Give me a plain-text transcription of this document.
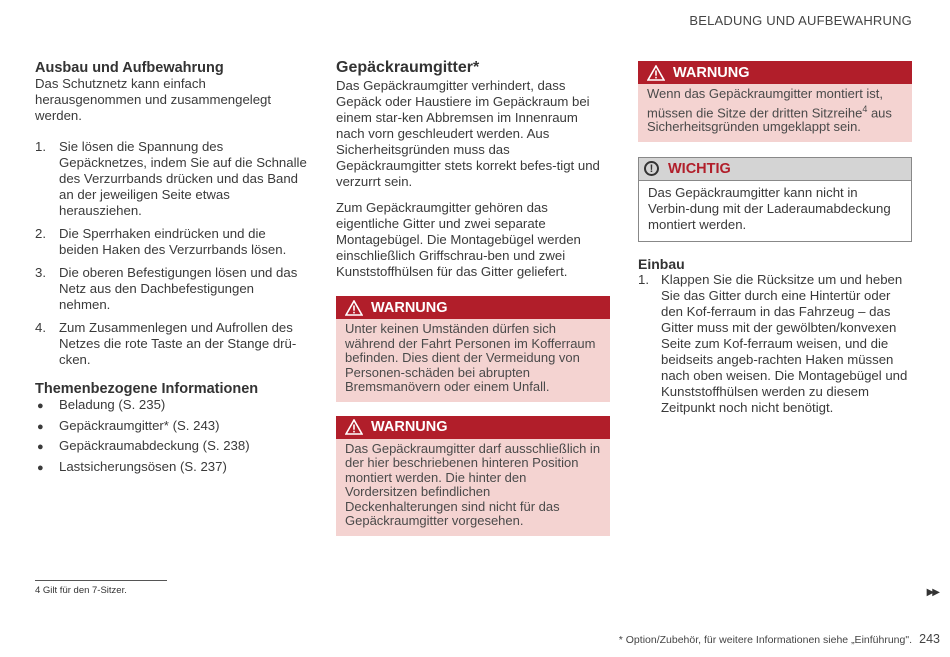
BELADUNG UND AUFBEWAHRUNG
Ausbau und Aufbewahrung

Das Schutznetz kann einfach herausgenommen und zusammengelegt werden.

1. Sie lösen die Spannung des Gepäcknetzes, indem Sie auf die Schnalle des Verzurrbands drücken und das Band an der jeweiligen Seite etwas herausziehen.
2. Die Sperrhaken eindrücken und die beiden Haken des Verzurrbands lösen.
3. Die oberen Befestigungen lösen und das Netz aus den Dachbefestigungen nehmen.
4. Zum Zusammenlegen und Aufrollen des Netzes die rote Taste an der Stange drü-cken.
Themenbezogene Informationen
● Beladung (S. 235)
● Gepäckraumgitter* (S. 243)
● Gepäckraumabdeckung (S. 238)
● Lastsicherungsösen (S. 237)
Gepäckraumgitter*

Das Gepäckraumgitter verhindert, dass Gepäck oder Haustiere im Gepäckraum bei einem star-ken Abbremsen im Innenraum nach vorn geschleudert werden. Aus Sicherheitsgründen muss das Gepäckraumgitter stets korrekt befes-tigt und verzurrt sein.

Zum Gepäckraumgitter gehören das eigentliche Gitter und zwei separate Montagebügel. Die Montagebügel werden einschließlich Griffschrau-ben und zwei Kunststoffhülsen für das Gitter geliefert.

WARNUNG
Unter keinen Umständen dürfen sich während der Fahrt Personen im Kofferraum befinden. Dies dient der Vermeidung von Personen-schäden bei abrupten Bremsmanövern oder einem Unfall.
WARNUNG
Das Gepäckraumgitter darf ausschließlich in der hier beschriebenen hinteren Position montiert werden. Die hinter den Vordersitzen befindlichen Deckenhalterungen sind nicht für das Gepäckraumgitter vorgesehen.
WARNUNG
Wenn das Gepäckraumgitter montiert ist, müssen die Sitze der dritten Sitzreihe$^4$ aus Sicherheitsgründen umgeklappt sein.
!	WICHTIG
Das Gepäckraumgitter kann nicht in Verbin-dung mit der Laderaumabdeckung montiert werden.
Einbau
1. Klappen Sie die Rücksitze um und heben Sie das Gitter durch eine Hintertür oder den Kof-ferraum in das Fahrzeug – das Gitter muss mit der gewölbten/konvexen Seite zum Kof-ferraum weisen, und die beidseits angeb-rachten Haken müssen nach oben weisen. Die Montagebügel und Kunststoffhülsen werden zu diesem Zeitpunkt noch nicht benötigt.
4 Gilt für den 7-Sitzer.	▶▶
* Option/Zubehör, für weitere Informationen siehe „Einführung". 243
